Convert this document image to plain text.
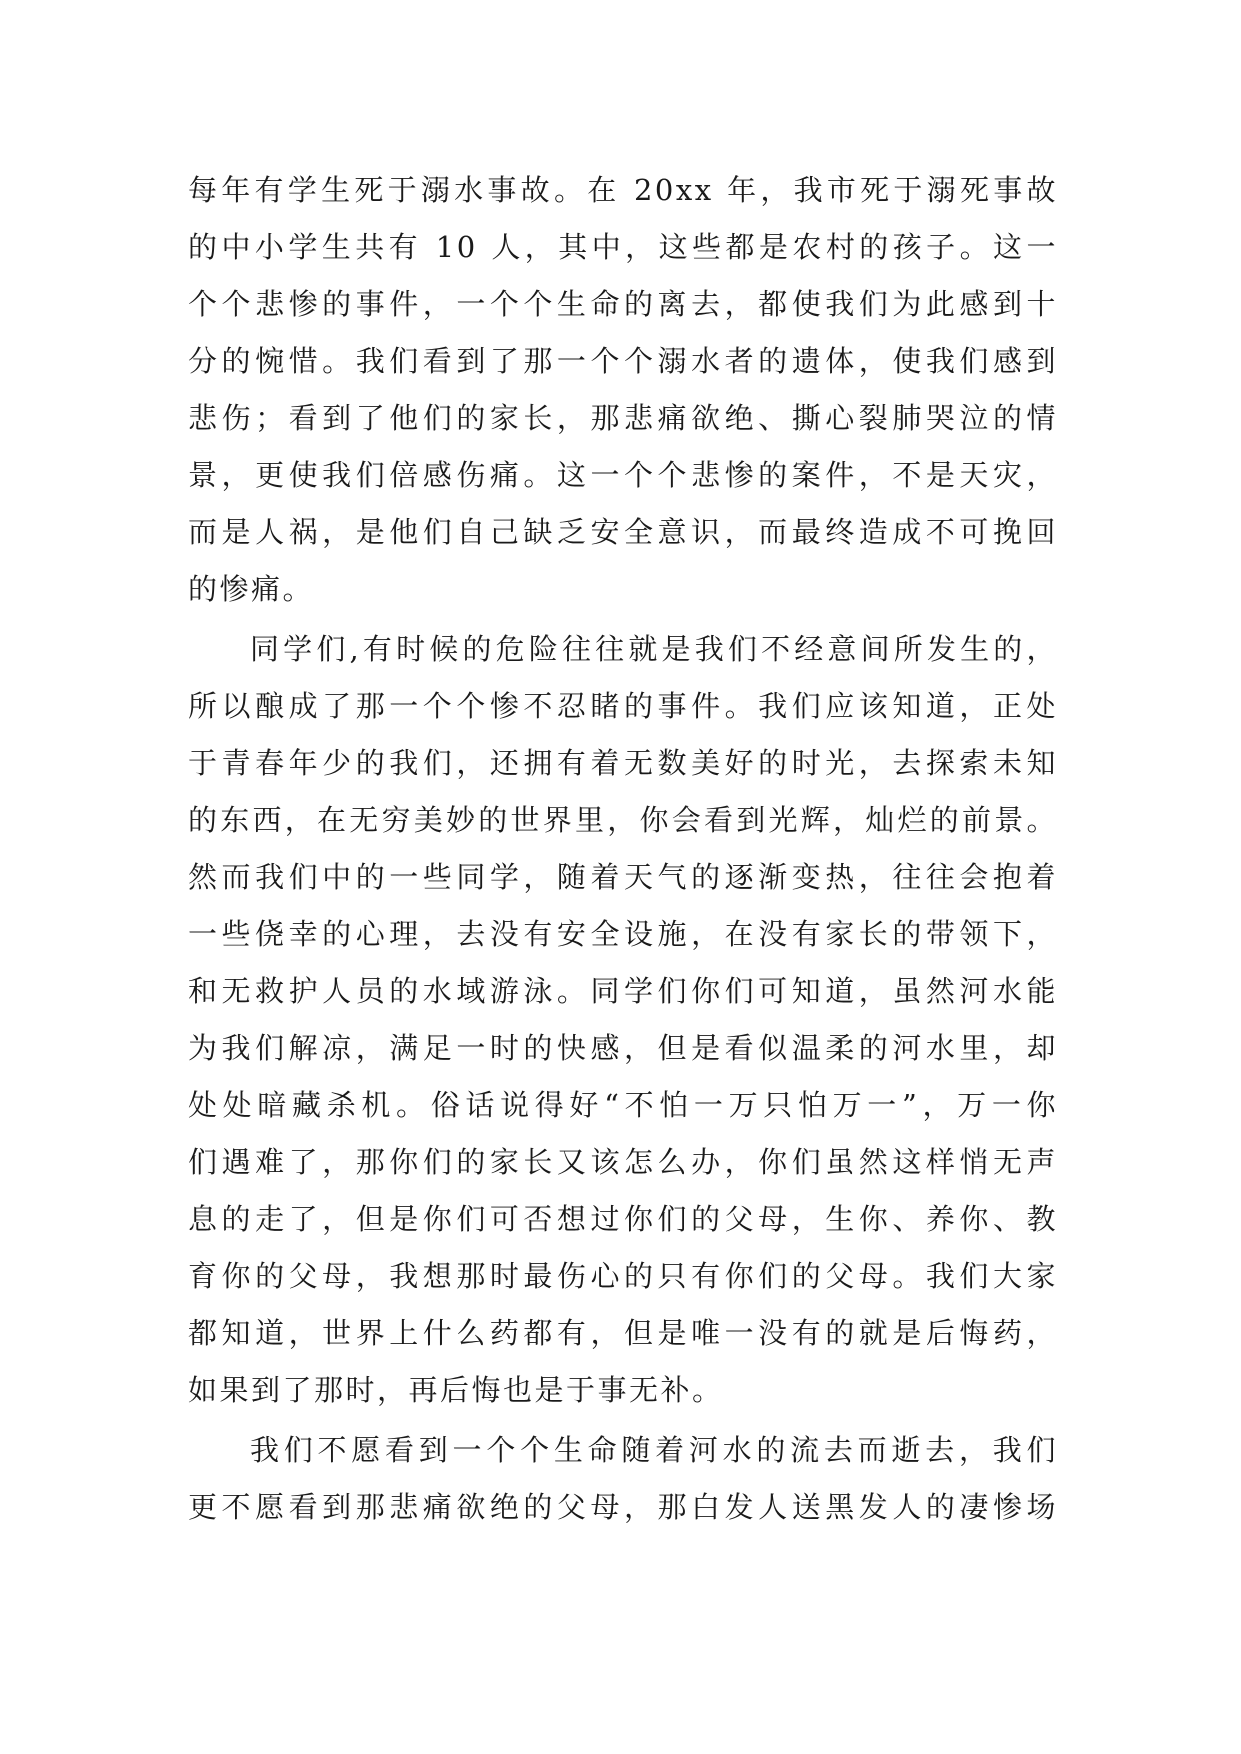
每年有学生死于溺水事故。在 20xx 年，我市死于溺死事故
的中小学生共有 10 人，其中，这些都是农村的孩子。这一
个个悲惨的事件，一个个生命的离去，都使我们为此感到十
分的惋惜。我们看到了那一个个溺水者的遗体，使我们感到
悲伤；看到了他们的家长，那悲痛欲绝、撕心裂肺哭泣的情
景，更使我们倍感伤痛。这一个个悲惨的案件，不是天灾，
而是人祸，是他们自己缺乏安全意识，而最终造成不可挽回
的惨痛。
同学们,有时候的危险往往就是我们不经意间所发生的，
所以酿成了那一个个惨不忍睹的事件。我们应该知道，正处
于青春年少的我们，还拥有着无数美好的时光，去探索未知
的东西，在无穷美妙的世界里，你会看到光辉，灿烂的前景。
然而我们中的一些同学，随着天气的逐渐变热，往往会抱着
一些侥幸的心理，去没有安全设施，在没有家长的带领下，
和无救护人员的水域游泳。同学们你们可知道，虽然河水能
为我们解凉，满足一时的快感，但是看似温柔的河水里，却
处处暗藏杀机。俗话说得好“不怕一万只怕万一”，万一你
们遇难了，那你们的家长又该怎么办，你们虽然这样悄无声
息的走了，但是你们可否想过你们的父母，生你、养你、教
育你的父母，我想那时最伤心的只有你们的父母。我们大家
都知道，世界上什么药都有，但是唯一没有的就是后悔药，
如果到了那时，再后悔也是于事无补。
我们不愿看到一个个生命随着河水的流去而逝去，我们
更不愿看到那悲痛欲绝的父母，那白发人送黑发人的凄惨场
